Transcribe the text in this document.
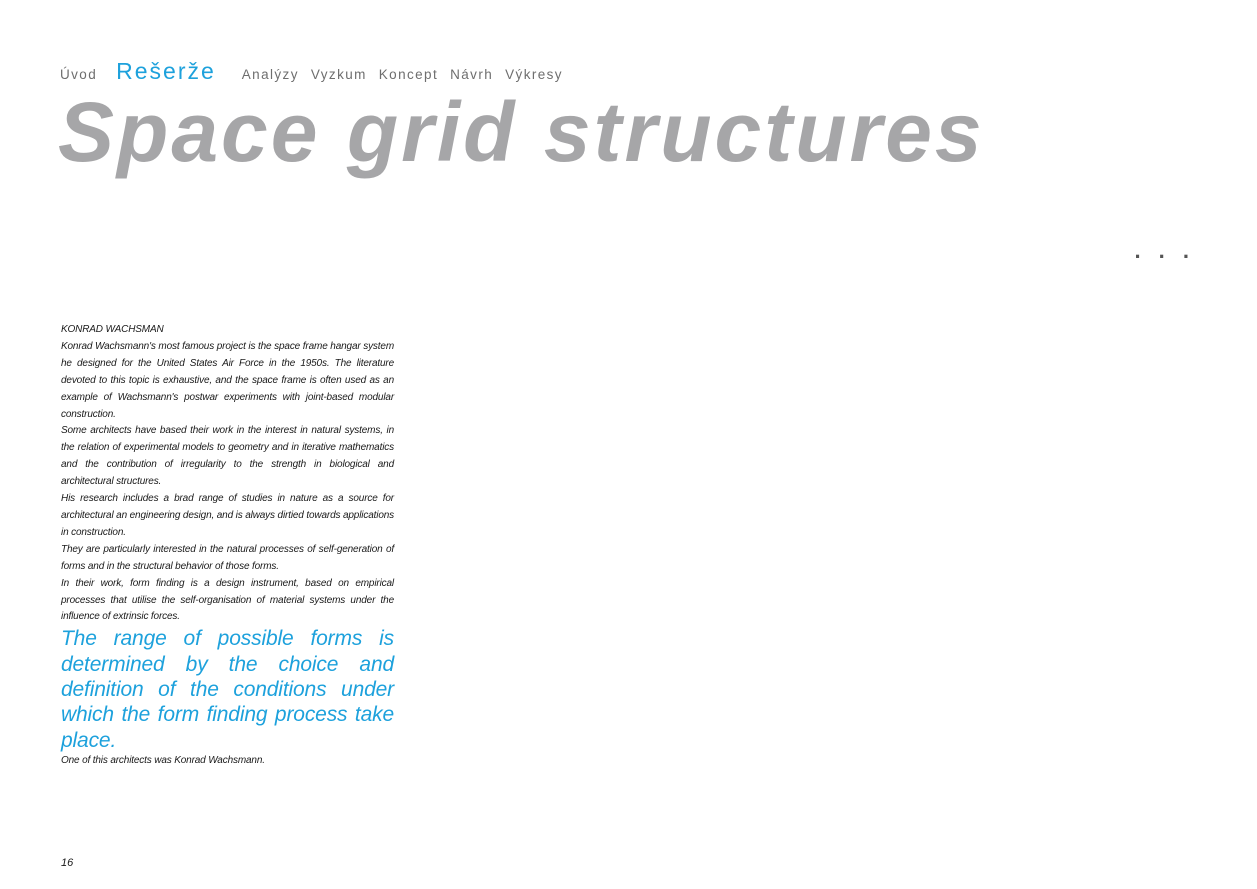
Úvod Rešerže Analýzy Vyzkum Koncept Návrh Výkresy
Space grid structures
. . .

KONRAD WACHSMAN

Konrad Wachsmann's most famous project is the space frame hangar system he designed for the United States Air Force in the 1950s. The literature devoted to this topic is exhaustive, and the space frame is often used as an example of Wachsmann's postwar experiments with joint-based modular construction.

Some architects have based their work in the interest in natural systems, in the relation of experimental models to geometry and in iterative mathematics and the contribution of irregularity to the strength in biological and architectural structures.

His research includes a brad range of studies in nature as a source for architectural an engineering design, and is always dirtied towards applications in construction.

They are particularly interested in the natural processes of self-generation of forms and in the structural behavior of those forms.

In their work, form finding is a design instrument, based on empirical processes that utilise the self-organisation of material systems under the influence of extrinsic forces.

The range of possible forms is determined by the choice and definition of the conditions under which the form finding process take place.

One of this architects was Konrad Wachsmann.

16
